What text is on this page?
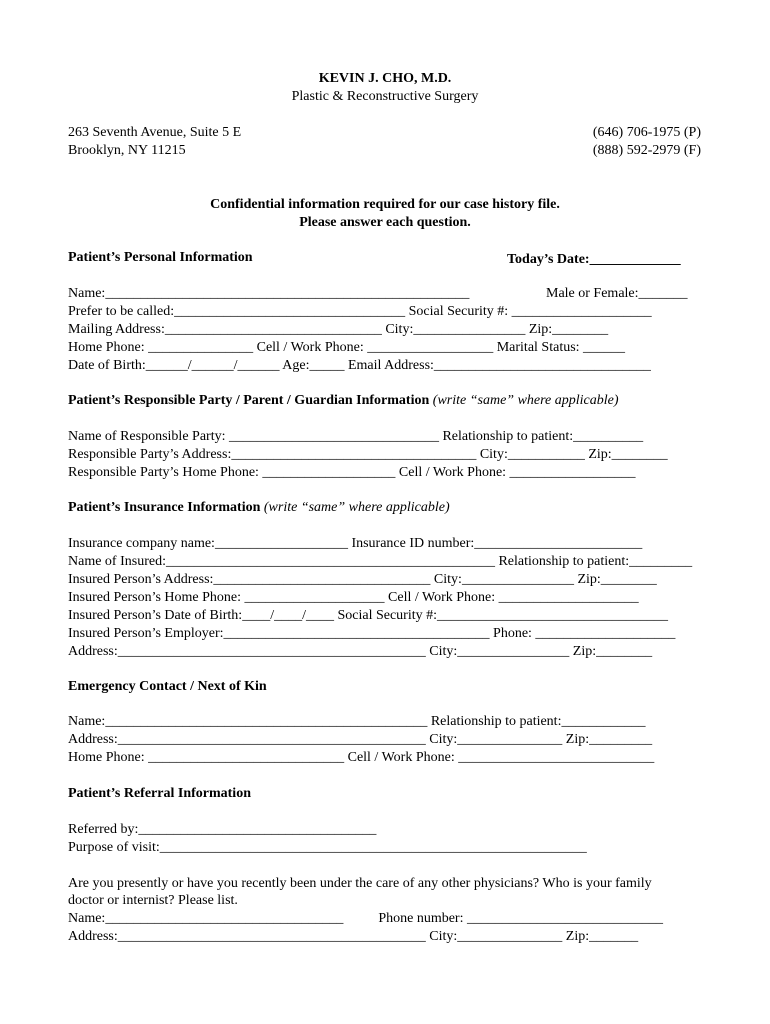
KEVIN J. CHO, M.D.
Plastic & Reconstructive Surgery
263 Seventh Avenue, Suite 5 E
Brooklyn, NY 11215
(646) 706-1975 (P)
(888) 592-2979 (F)
Confidential information required for our case history file.
Please answer each question.
Patient’s Personal Information	Today’s Date:_____________
Name:____________________________________________________	Male or Female:_______
Prefer to be called:_________________________________ Social Security #: ____________________
Mailing Address:_______________________________ City:________________ Zip:________
Home Phone: _______________ Cell / Work Phone: __________________ Marital Status: ______
Date of Birth:______/______/______ Age:_____ Email Address:_______________________________
Patient’s Responsible Party / Parent / Guardian Information (write “same” where applicable)
Name of Responsible Party: ______________________________ Relationship to patient:__________
Responsible Party’s Address:___________________________________ City:___________ Zip:________
Responsible Party’s Home Phone: ___________________ Cell / Work Phone: __________________
Patient’s Insurance Information (write “same” where applicable)
Insurance company name:___________________ Insurance ID number:________________________
Name of Insured:_______________________________________________ Relationship to patient:_________
Insured Person’s Address:_______________________________ City:________________ Zip:________
Insured Person’s Home Phone: ____________________ Cell / Work Phone: ____________________
Insured Person’s Date of Birth:____/____/____ Social Security #:_________________________________
Insured Person’s Employer:______________________________________ Phone: ____________________
Address:____________________________________________ City:________________ Zip:________
Emergency Contact / Next of Kin
Name:______________________________________________ Relationship to patient:____________
Address:____________________________________________ City:_______________ Zip:_________
Home Phone: ____________________________ Cell / Work Phone: ____________________________
Patient’s Referral Information
Referred by:__________________________________
Purpose of visit:_____________________________________________________________
Are you presently or have you recently been under the care of any other physicians? Who is your family
doctor or internist? Please list.
Name:__________________________________          Phone number: ____________________________
Address:____________________________________________ City:_______________ Zip:_______
